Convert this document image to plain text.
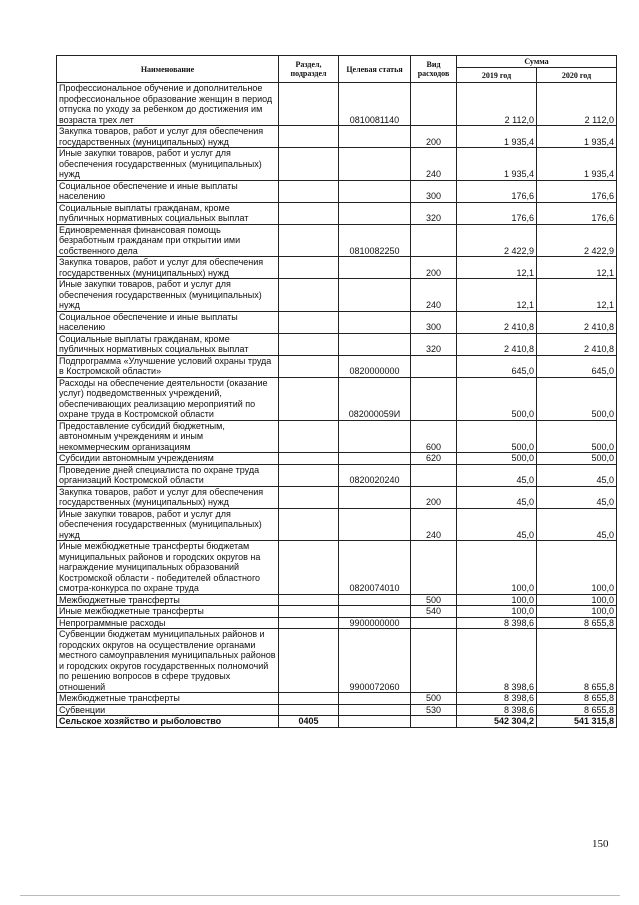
Наименование	Раздел, подраздел	Целевая статья	Вид расходов	Сумма	
				2019 год	2020 год
Профессиональное обучение и дополнительное профессиональное образование женщин в период отпуска по уходу за ребенком до достижения им возраста трех лет		0810081140		2 112,0	2 112,0
Закупка товаров, работ и услуг для обеспечения государственных (муниципальных) нужд			200	1 935,4	1 935,4
Иные закупки товаров, работ и услуг для обеспечения государственных (муниципальных) нужд			240	1 935,4	1 935,4
Социальное обеспечение и иные выплаты населению			300	176,6	176,6
Социальные выплаты гражданам, кроме публичных нормативных социальных выплат			320	176,6	176,6
Единовременная финансовая помощь безработным гражданам при открытии ими собственного дела		0810082250		2 422,9	2 422,9
Закупка товаров, работ и услуг для обеспечения государственных (муниципальных) нужд			200	12,1	12,1
Иные закупки товаров, работ и услуг для обеспечения государственных (муниципальных) нужд			240	12,1	12,1
Социальное обеспечение и иные выплаты населению			300	2 410,8	2 410,8
Социальные выплаты гражданам, кроме публичных нормативных социальных выплат			320	2 410,8	2 410,8
Подпрограмма «Улучшение условий охраны труда в Костромской области»		0820000000		645,0	645,0
Расходы на обеспечение деятельности (оказание услуг) подведомственных учреждений, обеспечивающих реализацию мероприятий по охране труда в Костромской области		082000059И		500,0	500,0
Предоставление субсидий бюджетным, автономным учреждениям и иным некоммерческим организациям			600	500,0	500,0
Субсидии автономным учреждениям			620	500,0	500,0
Проведение дней специалиста по охране труда организаций Костромской области		0820020240		45,0	45,0
Закупка товаров, работ и услуг для обеспечения государственных (муниципальных) нужд			200	45,0	45,0
Иные закупки товаров, работ и услуг для обеспечения государственных (муниципальных) нужд			240	45,0	45,0
Иные межбюджетные трансферты бюджетам муниципальных районов и городских округов на награждение муниципальных образований Костромской области - победителей областного смотра-конкурса по охране труда		0820074010		100,0	100,0
Межбюджетные трансферты			500	100,0	100,0
Иные межбюджетные трансферты			540	100,0	100,0
Непрограммные расходы		9900000000		8 398,6	8 655,8
Субвенции бюджетам муниципальных районов и городских округов на осуществление органами местного самоуправления муниципальных районов и городских округов государственных полномочий по решению вопросов в сфере трудовых отношений		9900072060		8 398,6	8 655,8
Межбюджетные трансферты			500	8 398,6	8 655,8
Субвенции			530	8 398,6	8 655,8
Сельское хозяйство и рыболовство	0405			542 304,2	541 315,8
150
